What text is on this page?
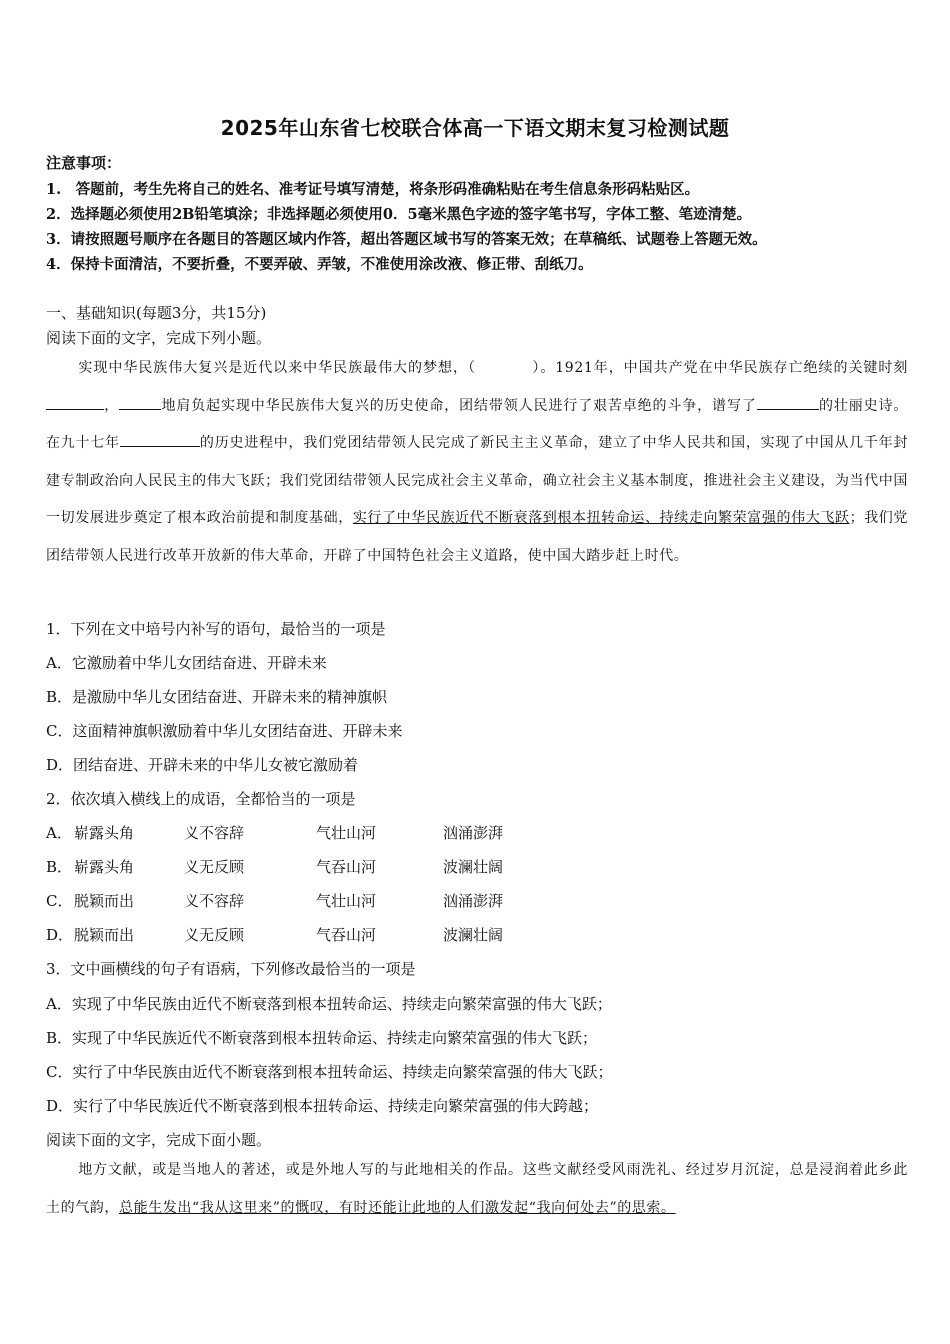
2025年山东省七校联合体高一下语文期末复习检测试题
注意事项：
1.　答题前，考生先将自己的姓名、准考证号填写清楚，将条形码准确粘贴在考生信息条形码粘贴区。
2．选择题必须使用2B铅笔填涂；非选择题必须使用0．5毫米黑色字迹的签字笔书写，字体工整、笔迹清楚。
3．请按照题号顺序在各题目的答题区域内作答，超出答题区域书写的答案无效；在草稿纸、试题卷上答题无效。
4．保持卡面清洁，不要折叠，不要弄破、弄皱，不准使用涂改液、修正带、刮纸刀。
一、基础知识(每题3分，共15分)
阅读下面的文字，完成下列小题。
实现中华民族伟大复兴是近代以来中华民族最伟大的梦想，（	）。1921年，中国共产党在中华民族存亡绝续的关键时刻，	地肩负起实现中华民族伟大复兴的历史使命，团结带领人民进行了艰苦卓绝的斗争，谱写了	的壮丽史诗。在九十七年	的历史进程中，我们党团结带领人民完成了新民主主义革命，建立了中华人民共和国，实现了中国从几千年封建专制政治向人民民主的伟大飞跃；我们党团结带领人民完成社会主义革命，确立社会主义基本制度，推进社会主义建设，为当代中国一切发展进步奠定了根本政治前提和制度基础，实行了中华民族近代不断衰落到根本扭转命运、持续走向繁荣富强的伟大飞跃；我们党团结带领人民进行改革开放新的伟大革命，开辟了中国特色社会主义道路，使中国大踏步赶上时代。
1．下列在文中培号内补写的语句，最恰当的一项是
A．它激励着中华儿女团结奋进、开辟未来
B．是激励中华儿女团结奋进、开辟未来的精神旗帜
C．这面精神旗帜激励着中华儿女团结奋进、开辟未来
D．团结奋进、开辟未来的中华儿女被它激励着
2．依次填入横线上的成语，全都恰当的一项是
A． 崭露头角	义不容辞	气壮山河	汹涌澎湃
B． 崭露头角	义无反顾	气吞山河	波澜壮阔
C． 脱颖而出	义不容辞	气壮山河	汹涌澎湃
D． 脱颖而出	义无反顾	气吞山河	波澜壮阔
3．文中画横线的句子有语病，下列修改最恰当的一项是
A．实现了中华民族由近代不断衰落到根本扭转命运、持续走向繁荣富强的伟大飞跃；
B．实现了中华民族近代不断衰落到根本扭转命运、持续走向繁荣富强的伟大飞跃；
C．实行了中华民族由近代不断衰落到根本扭转命运、持续走向繁荣富强的伟大飞跃；
D．实行了中华民族近代不断衰落到根本扭转命运、持续走向繁荣富强的伟大跨越；
阅读下面的文字，完成下面小题。
地方文献，或是当地人的著述，或是外地人写的与此地相关的作品。这些文献经受风雨洗礼、经过岁月沉淀，总是浸润着此乡此土的气韵，总能生发出“我从这里来”的慨叹，有时还能让此地的人们激发起“我向何处去”的思索。
